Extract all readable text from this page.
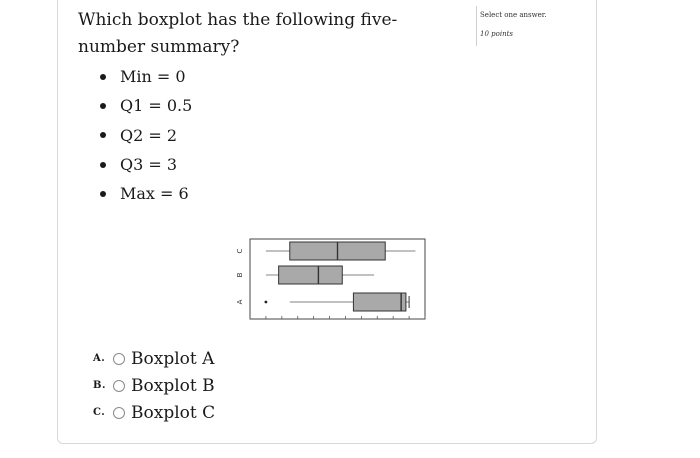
Which boxplot has the following five-number summary?
Min = 0
Q1 = 0.5
Q2 = 2
Q3 = 3
Max = 6
Select one answer.
10 points
A
B
C
A.	Boxplot A
B.	Boxplot B
C.	Boxplot C
